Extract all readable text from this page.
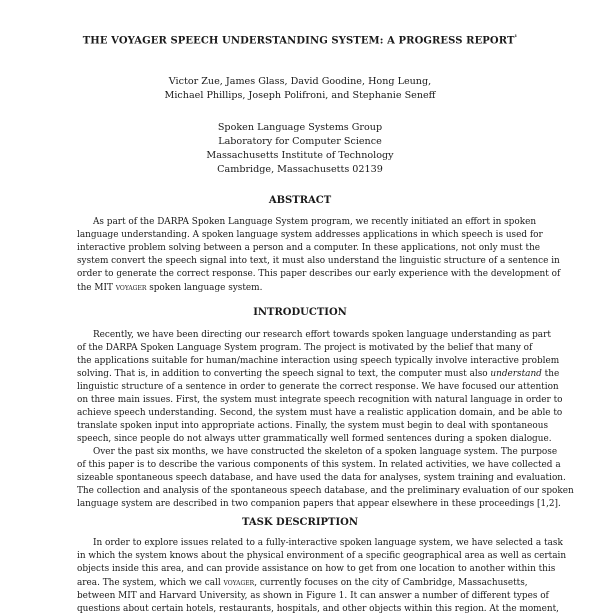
THE VOYAGER SPEECH UNDERSTANDING SYSTEM: A PROGRESS $REPORT^{^1}$
Victor Zue, James Glass, David Goodine, Hong Leung,
Michael Phillips, Joseph Polifroni, and Stephanie Seneff
Spoken Language Systems Group
Laboratory for Computer Science
Massachusetts Institute of Technology
Cambridge, Massachusetts 02139
ABSTRACT
As part of the DARPA Spoken Language System program, we recently initiated an effort in spoken
language understanding. A spoken language system addresses applications in which speech is used for
interactive problem solving between a person and a computer. In these applications, not only must the
system convert the speech signal into text, it must also understand the linguistic structure of a sentence in
order to generate the correct response. This paper describes our early experience with the development of
the MIT voyager spoken language system.
INTRODUCTION
Recently, we have been directing our research effort towards spoken language understanding as part
of the DARPA Spoken Language System program. The project is motivated by the belief that many of
the applications suitable for human/machine interaction using speech typically involve interactive problem
solving. That is, in addition to converting the speech signal to text, the computer must also understand the
linguistic structure of a sentence in order to generate the correct response. We have focused our attention
on three main issues. First, the system must integrate speech recognition with natural language in order to
achieve speech understanding. Second, the system must have a realistic application domain, and be able to
translate spoken input into appropriate actions. Finally, the system must begin to deal with spontaneous
speech, since people do not always utter grammatically well formed sentences during a spoken dialogue.
Over the past six months, we have constructed the skeleton of a spoken language system. The purpose
of this paper is to describe the various components of this system. In related activities, we have collected a
sizeable spontaneous speech database, and have used the data for analyses, system training and evaluation.
The collection and analysis of the spontaneous speech database, and the preliminary evaluation of our spoken
language system are described in two companion papers that appear elsewhere in these proceedings [1,2].
TASK DESCRIPTION
In order to explore issues related to a fully-interactive spoken language system, we have selected a task
in which the system knows about the physical environment of a specific geographical area as well as certain
objects inside this area, and can provide assistance on how to get from one location to another within this
area. The system, which we call voyager, currently focuses on the city of Cambridge, Massachusetts,
between MIT and Harvard University, as shown in Figure 1. It can answer a number of different types of
questions about certain hotels, restaurants, hospitals, and other objects within this region. At the moment,
